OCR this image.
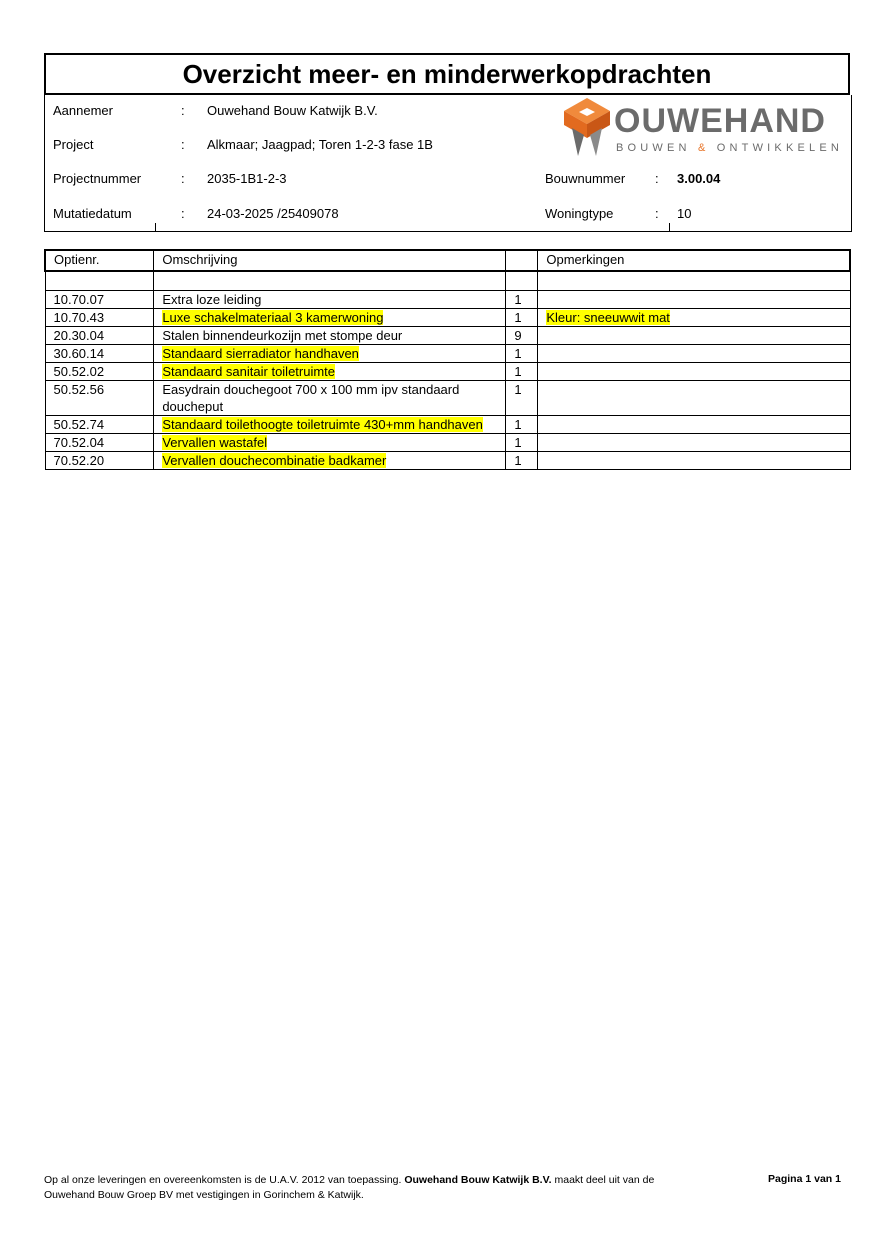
Overzicht meer- en minderwerkopdrachten
Aannemer	: Ouwehand Bouw Katwijk B.V.
Project	: Alkmaar; Jaagpad; Toren 1-2-3 fase 1B
Projectnummer	: 2035-1B1-2-3
Mutatiedatum	: 24-03-2025 /25409078
Bouwnummer : 3.00.04
Woningtype	: 10
OUWEHAND
BOUWEN & ONTWIKKELEN
Optienr.	Omschrijving		Opmerkingen

10.70.07	Extra loze leiding	1	
10.70.43	Luxe schakelmateriaal 3 kamerwoning	1	Kleur: sneeuwwit mat
20.30.04	Stalen binnendeurkozijn met stompe deur	9	
30.60.14	Standaard sierradiator handhaven	1	
50.52.02	Standaard sanitair toiletruimte	1	
50.52.56	Easydrain douchegoot 700 x 100 mm ipv standaard doucheput	1	
50.52.74	Standaard toilethoogte toiletruimte 430+mm handhaven	1	
70.52.04	Vervallen wastafel	1	
70.52.20	Vervallen douchecombinatie badkamer	1	
Op al onze leveringen en overeenkomsten is de U.A.V. 2012 van toepassing. Ouwehand Bouw Katwijk B.V. maakt deel uit van de Ouwehand Bouw Groep BV met vestigingen in Gorinchem & Katwijk.
Pagina 1 van 1
